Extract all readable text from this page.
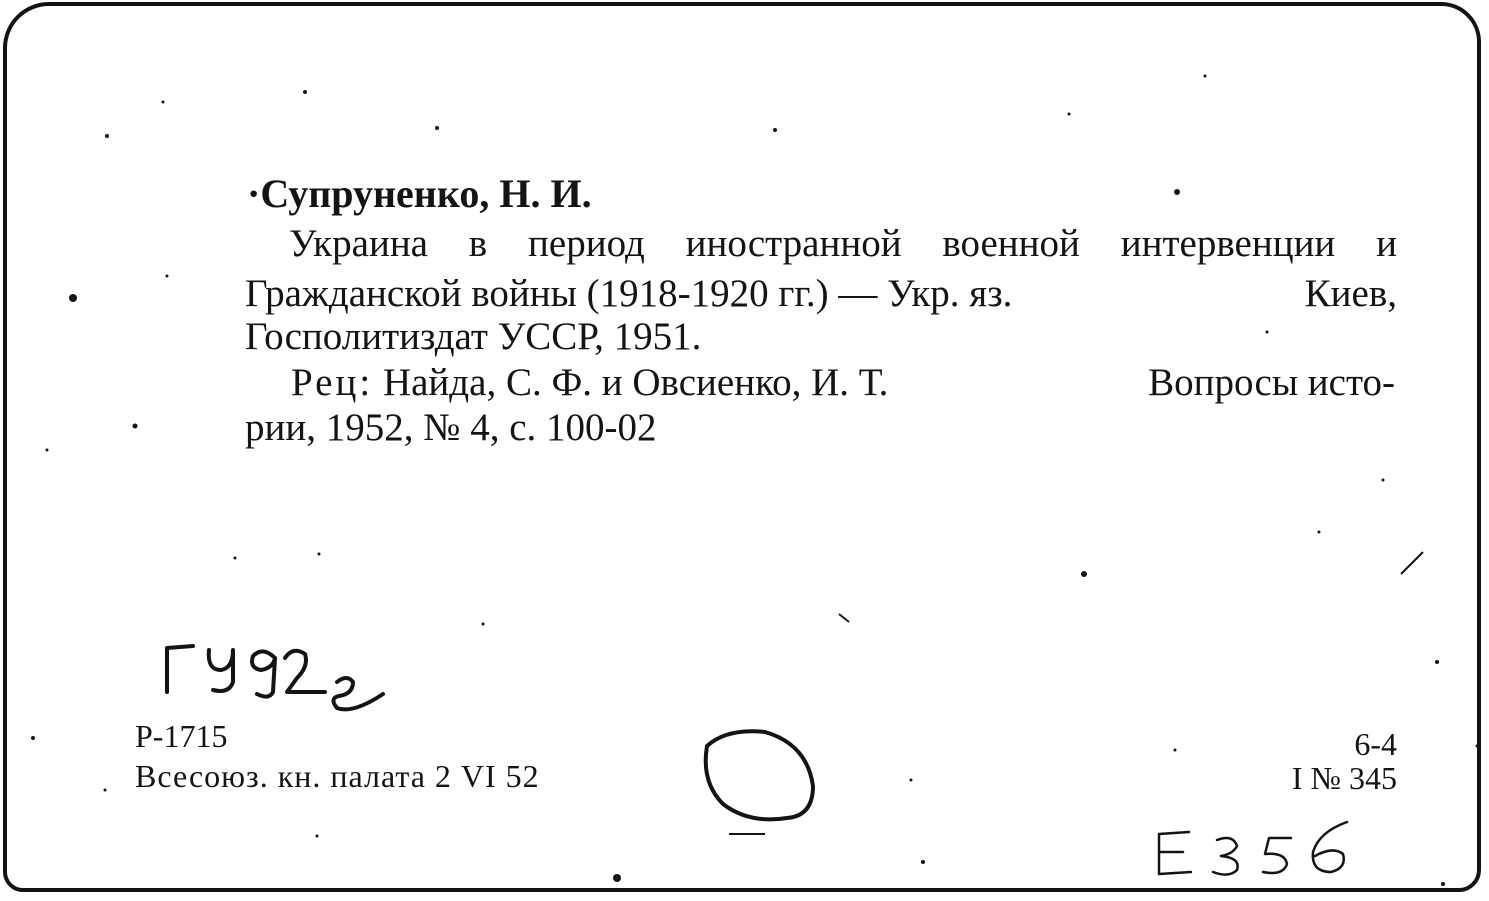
·Супруненко, Н. И.
Украина в период иностранной военной интервенции и
Гражданской войны (1918-1920 гг.) — Укр. яз.	Киев,
Госполитиздат УССР, 1951.
Рец: Найда, С. Ф. и Овсиенко, И. Т.	Вопросы исто-
рии, 1952, № 4, с. 100-02
Р-1715
Всесоюз. кн. палата 2 VI 52
6-4
I № 345
